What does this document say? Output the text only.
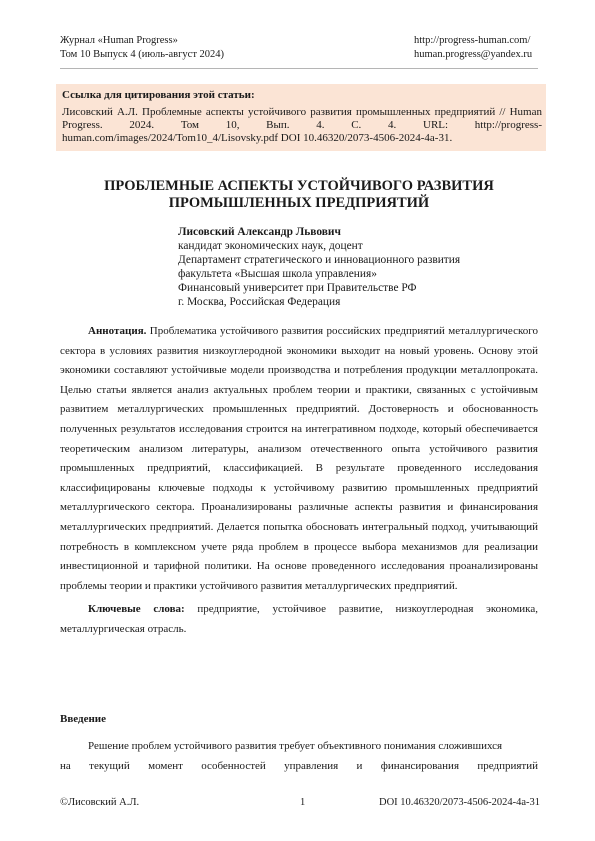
Журнал «Human Progress»
Том 10 Выпуск 4 (июль-август 2024)
http://progress-human.com/
human.progress@yandex.ru
Ссылка для цитирования этой статьи:
Лисовский А.Л. Проблемные аспекты устойчивого развития промышленных предприятий // Human Progress. 2024. Том 10, Вып. 4. С. 4. URL: http://progress-human.com/images/2024/Tom10_4/Lisovsky.pdf DOI 10.46320/2073-4506-2024-4a-31.
ПРОБЛЕМНЫЕ АСПЕКТЫ УСТОЙЧИВОГО РАЗВИТИЯ
ПРОМЫШЛЕННЫХ ПРЕДПРИЯТИЙ
Лисовский Александр Львович
кандидат экономических наук, доцент
Департамент стратегического и инновационного развития
факультета «Высшая школа управления»
Финансовый университет при Правительстве РФ
г. Москва, Российская Федерация

Аннотация. Проблематика устойчивого развития российских предприятий металлургического сектора в условиях развития низкоуглеродной экономики выходит на новый уровень. Основу этой экономики составляют устойчивые модели производства и потребления продукции металлопроката. Целью статьи является анализ актуальных проблем теории и практики, связанных с устойчивым развитием металлургических промышленных предприятий. Достоверность и обоснованность полученных результатов исследования строится на интегративном подходе, который обеспечивается теоретическим анализом литературы, анализом отечественного опыта устойчивого развития промышленных предприятий, классификацией. В результате проведенного исследования классифицированы ключевые подходы к устойчивому развитию промышленных предприятий металлургического сектора. Проанализированы различные аспекты развития и финансирования металлургических предприятий. Делается попытка обосновать интегральный подход, учитывающий потребность в комплексном учете ряда проблем в процессе выбора механизмов для реализации инвестиционной и тарифной политики. На основе проведенного исследования проанализированы проблемы теории и практики устойчивого развития металлургических предприятий.

Ключевые слова: предприятие, устойчивое развитие, низкоуглеродная экономика, металлургическая отрасль.

Введение

Решение проблем устойчивого развития требует объективного понимания сложившихся
на текущий момент особенностей управления и финансирования предприятий

©Лисовский А.Л.	1	DOI 10.46320/2073-4506-2024-4a-31
